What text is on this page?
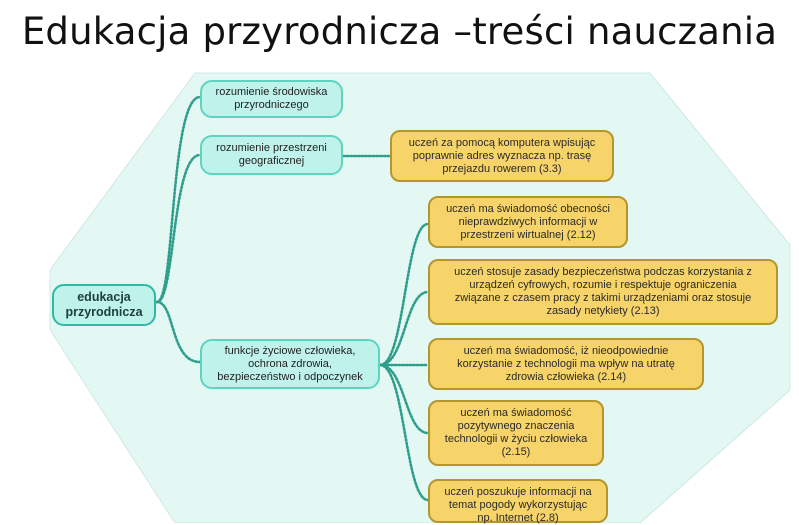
Edukacja przyrodnicza –treści nauczania
edukacja
przyrodnicza
rozumienie środowiska
przyrodniczego
rozumienie przestrzeni
geograficznej
funkcje życiowe człowieka,
ochrona zdrowia,
bezpieczeństwo i odpoczynek
uczeń za pomocą komputera wpisując
poprawnie adres wyznacza np. trasę
przejazdu rowerem (3.3)
uczeń ma świadomość obecności
nieprawdziwych informacji w
przestrzeni wirtualnej (2.12)
uczeń stosuje zasady bezpieczeństwa podczas korzystania z
urządzeń cyfrowych, rozumie i respektuje ograniczenia
związane z czasem pracy z takimi urządzeniami oraz stosuje
zasady netykiety (2.13)
uczeń ma świadomość, iż nieodpowiednie
korzystanie z technologii ma wpływ na utratę
zdrowia człowieka (2.14)
uczeń ma świadomość
pozytywnego znaczenia
technologii w życiu człowieka
(2.15)
uczeń poszukuje informacji na
temat pogody wykorzystując
np. Internet (2.8)
